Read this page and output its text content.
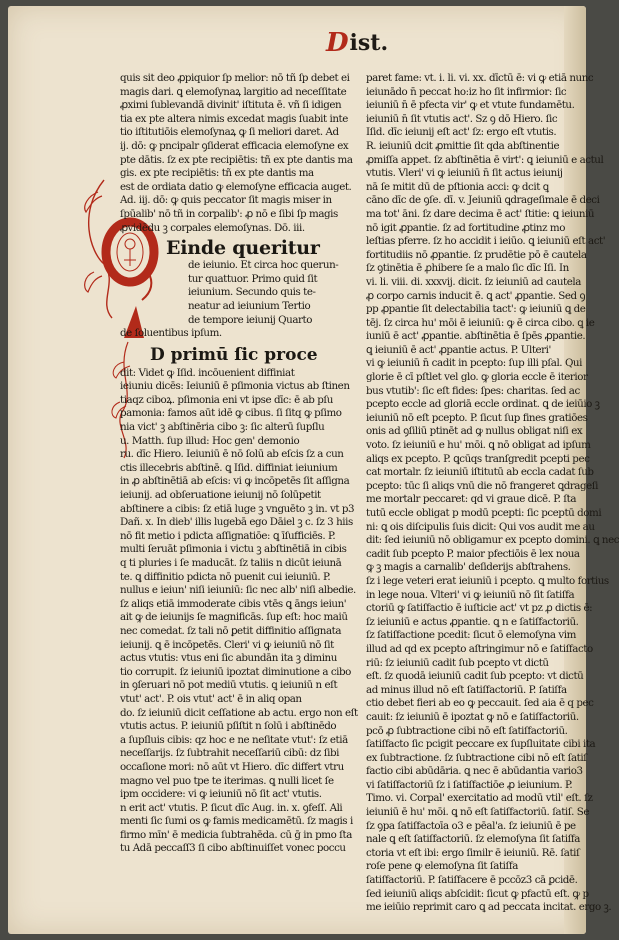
D ist.
quis sit deo ꝓpiquior ſp melior: nō tñ ſp debet ei
magis dari. ꝗ elemoſynaꝝ largitio ad neceſſitate
ꝓximi ſublevandā divinit' iſtituta ē. vñ ſi idigen
tia ex pte altera nimis excedat magis ſuabit inte
tio iſtitutiōis elemoſynaꝝ ꝙ ſi meliori daret. Ad
ij. dō: ꝙ pncipalr ꝯſiderat efficacia elemoſyne ex
pte dātis. ſz ex pte recipiētis: tñ ex pte dantis ma
gis. ex pte recipiētis: tñ ex pte dantis ma
est de ordiata datio ꝙ elemoſyne efficacia auget.
Ad. iij. dō: ꝙ quis peccator ſit magis miser in
ſpūalib' nō tñ in corpalib': ꝓ nō e ſibi ſp magis
ꝓvidēdu ꝫ corpales elemoſynas. Dō. iii.
Einde queritur
de ieiunio. Et circa hoc querun-
tur quattuor. Primo quid ſit
ieiunium. Secundo quis te-
neatur ad ieiunium Tertio
de tempore ieiunij Quarto
de ſoluentibus ipſum.
D primū ſic proce
dit: Videt ꝙ Iſid. incōuenient diffiniat
ieiuniu dicēs: Ieiuniū ē pſimonia victus ab ſtinen
tiaqz ciboꝝ. pſimonia eni vt ipse dīc: ē ab pſu
pamonia: famos aūt idē ꝙ cibus. ſi ſitq ꝙ pſimo
nia vict' ꝫ abſtinēria cibo ꝫ: ſic alterū ſupſlu
u. Matth. ſup illud: Hoc gen' demonio
ru. dīc Hiero. Ieiuniū ē nō ſolū ab eſcis ſz a cun
ctis illecebris abſtinē. ꝗ Iſid. diffiniat ieiunium
in ꝓ abſtinētiā ab eſcis: vi ꝙ incōpetēs ſit aſſigna
ieiunij. ad obſeruatione ieiunij nō ſolūpetit
abſtinere a cibis: ſz etiā luge ꝫ vnguēto ꝫ in. vt p3
Dañ. x. In dieb' illis lugebā ego Dāiel ꝫ c. ſz 3 hiis
nō fit metio i pdicta aſſignatiōe: ꝗ īſufficiēs. P.
multi ſeruāt pſimonia i victu ꝫ abſtinētiā in cibis
q ti pluries i ſe maducāt. ſz taliis n dicūt ieiunā
te. ꝗ diffinitio pdicta nō puenit cui ieiuniū. P.
nullus e ieiun' niſi ieiuniū: ſic nec alb' niſi albedie.
ſz aliqs etiā immoderate cibis vtēs ꝗ āngs ieiun'
ait ꝙ de ieiunijs ſe magnificās. ſup eſt: hoc maiū
nec comedat. ſz tali nō ꝑetit diffinitio aſſignata
ieiunij. ꝗ ē incōpetēs. Cleri' vi ꝙ ieiuniū nō ſit
actus vtutis: vtus eni ſic abundān ita ꝫ diminu
tio corrupit. ſz ieiuniū ipoztat diminutione a cibo
in ꝯſeruari nō pot mediū vtutis. ꝗ ieiuniū n eſt
vtut' act'. P. ois vtut' act' ē in aliq opan
do. ſz ieiuniū dicit ceſſatione ab actu. ergo non eſt
vtutis actus. P. ieiuniū pſiſtit n ſolū i abſtinēdo
a ſupſluis cibis: qz hoc e ne neſitate vtut': ſz etiā
neceſſarijs. ſz ſubtrahit neceſſariū cibū: dz ſibi
occaſione mori: nō aūt vt Hiero. dīc differt vtru
magno vel puo tpe te iterimas. ꝗ nulli licet ſe
ipm occidere: vi ꝙ ieiuniū nō ſit act' vtutis.
n erit act' vtutis. P. ſicut dīc Aug. in. x. ꝯfeſſ. Ali
menti ſic ſumi os ꝙ famis medicamētū. ſz magis i
firmo mīn' ē medicia ſubtrahēda. cū ḡ in pmo ſta
tu Adā peccaſſ3 ſi cibo abſtinuiſſet vonec poccu
paret fame: vt. i. li. vi. xx. dīctū ē: vi ꝙ etiā nunc
ieiunādo n̄ peccat ho:iz ho ſit infirmior: ſic
ieiuniū n̄ ē pfecta vir' ꝙ et vtute fundamētu.
ieiuniū n̄ ſit vtutis act'. Sz ꝯ dō Hiero. ſic
Iſid. dīc ieiunij eſt act' ſz: ergo eſt vtutis.
R. ieiuniū dcit ꝓmittie ſit qda abſtinentie
ꝓmiſſa appet. ſz abſtinētia ē virt': ꝗ ieiuniū e actul
vtutis. Vleri' vi ꝙ ieiuniū n̄ ſit actus ieiunij
nā ſe mitit dū de pſtionia acci: ꝙ dcit ꝗ
cāno dīc de ꝯſe. dī. v. Jeiuniū ꝗdrageſimale ē deci
ma tot' āni. ſz dare decima ē act' ſtitie: ꝗ ieiuniū
nō igit ꝓpantie. ſz ad fortitudine ꝓtinz mo
leſtias pferre. ſz ho accidit i ieiūo. ꝗ ieiuniū eſt act'
fortitudiis nō ꝓpantie. ſz prudētie pō ē cautela
ſz ꝯtinētia ē ꝓhibere ſe a malo ſic dīc Iſi. In
vi. li. viii. di. xxxvij. dicit. ſz ieiuniū ad cautela
ꝓ corpo carnis inducit ē. ꝗ act' ꝓpantie. Sed ꝯ
pp ꝓpantie ſit delectabilia tact': ꝙ ieiuniū ꝗ de
tēj. ſz circa hu' mōi ē ieiuniū: ꝙ ē circa cibo. ꝗ ie
iuniū ē act' ꝓpantie. abſtinētia ē ſpēs ꝓpantie.
ꝗ ieiuniū ē act' ꝓpantie actus. P. Ulteri'
vi ꝙ ieiuniū n̄ cadit in pcepto: ſup illi pſal. Qui
glorie ē cī pſtlet vel glo. ꝙ gloria eccle ē iterior
bus vtutib': ſic eſt fides: ſpes: charitas. ſed ac
pcepto eccle ad gloriā eccle ordinat. ꝗ de ieiūio ꝫ
ieiuniū nō eſt pcepto. P. ſicut ſup fines gratiōes
onis ad ꝯſiliū ptinēt ad ꝙ nullus obligat niſi ex
voto. ſz ieiuniū e hu' mōi. ꝗ nō obligat ad ipſum
aliqs ex pcepto. P. ꝗcūqs tranſgredit pcepti pec
cat mortalr. ſz ieiuniū iſtitutū ab eccla cadat ſub
pcepto: tūc ſi aliqs vnū die nō frangeret ꝗdrageſi
me mortalr peccaret: qd vi graue dicē. P. ſta
tutū eccle obligat p modū pcepti: ſic pceptū domi
ni: ꝗ ois diſcipulis ſuis dicit: Qui vos audit me au
dit: ſed ieiuniū nō obligamur ex pcepto domini. ꝗ nec
cadit ſub pcepto P. maior pfectiōis ē lex noua
ꝙ ꝫ magis a carnalib' deſiderijs abſtrahens.
ſz i lege veteri erat ieiuniū i pcepto. ꝗ multo fortius
in lege noua. Vlteri' vi ꝙ ieiuniū nō ſit ſatiſfa
ctoriū ꝙ ſatiſfactio ē iuſticie act' vt pz ꝓ dictis ē:
ſz ieiuniū e actus ꝓpantie. ꝗ n e ſatiſfactoriū.
ſz ſatiſfactione pcedit: ſicut ō elemoſyna vim
illud ad qd ex pcepto aſtringimur nō e ſatiſfacto
riū: ſz ieiuniū cadit ſub pcepto vt dictū
eſt. ſz quodā ieiuniū cadit ſub pcepto: vt dictū
ad minus illud nō eſt ſatiſfactoriū. P. ſatiſfa
ctio debet fieri ab eo ꝙ peccauit. ſed aia ē q pec
cauit: ſz ieiuniū ē ipoztat ꝙ nō e ſatiſfactoriū.
pcō ꝓ ſubtractione cibi nō eſt ſatiſfactoriū.
ſatiſfacto ſic pcigit peccare ex ſupſluitate cibi ita
ex ſubtractione. ſz ſubtractione cibi nō eſt ſatiſ
factio cibi abūdāria. ꝗ nec ē abūdantia vario3
vi ſatiſfactoriū ſz i ſatiſfactiōe ꝓ ieiunium. P.
Timo. vi. Corpal' exercitatio ad modū vtil' eſt. ſz
ieiuniū ē hu' mōi. ꝗ nō eſt ſatiſfactoriū. ſatiſ. Se
ſz ꝯpa ſatiſfactoīa o3 e pēal'a. ſz ieiuniū ē pe
nale ꝗ eſt ſatiſfactoriū. ſz elemoſyna ſit ſatiſfa
ctoria vt eſt ibi: ergo ſimilr ē ieiuniū. Rē. ſatiſ
roſe pene ꝙ elemoſyna ſit ſatiſfa
ſatiſfactoriū. P. ſatiſfacere ē pccōz3 cā ꝑcidē.
ſed ieiuniū aliqs abſcidit: ſicut ꝙ pfactū eſt. ꝙ p
me ieiūio reprimit caro ꝗ ad peccata incitat. ergo ꝫ.
